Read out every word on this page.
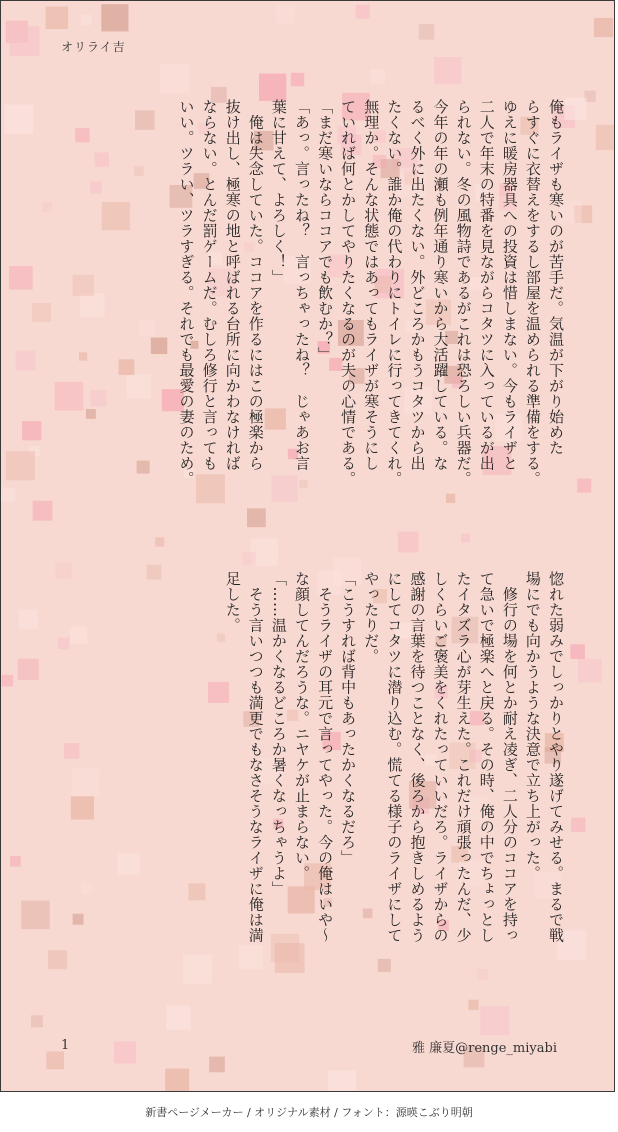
オリライ吉

俺もライザも寒いのが苦手だ。気温が下がり始めた
らすぐに衣替えをするし部屋を温められる準備をする。
ゆえに暖房器具への投資は惜しまない。今もライザと
二人で年末の特番を見ながらコタツに入っているが出
られない。冬の風物詩であるがこれは恐ろしい兵器だ。
今年の年の瀬も例年通り寒いから大活躍している。な
るべく外に出たくない。外どころかもうコタツから出
たくない。誰か俺の代わりにトイレに行ってきてくれ。
無理か。そんな状態ではあってもライザが寒そうにし
ていれば何とかしてやりたくなるのが夫の心情である。
「まだ寒いならココアでも飲むか？」
「あっ。言ったね？　言っちゃったね？　じゃあお言
葉に甘えて、よろしく！」
　俺は失念していた。ココアを作るにはこの極楽から
抜け出し、極寒の地と呼ばれる台所に向かわなければ
ならない。とんだ罰ゲームだ。むしろ修行と言っても
いい。ツラい、ツラすぎる。それでも最愛の妻のため。

惚れた弱みでしっかりとやり遂げてみせる。まるで戦
場にでも向かうような決意で立ち上がった。
　修行の場を何とか耐え凌ぎ、二人分のココアを持っ
て急いで極楽へと戻る。その時、俺の中でちょっとし
たイタズラ心が芽生えた。これだけ頑張ったんだ、少
しくらいご褒美をくれたっていいだろ。ライザからの
感謝の言葉を待つことなく、後ろから抱きしめるよう
にしてコタツに潜り込む。慌てる様子のライザにして
やったりだ。
「こうすれば背中もあったかくなるだろ」
　そうライザの耳元で言ってやった。今の俺はいや〜
な顔してんだろうな。ニヤケが止まらない。
「……温かくなるどころか暑くなっちゃうよ」
　そう言いつつも満更でもなさそうなライザに俺は満
足した。

1	雅 廉夏@renge_miyabi
新書ページメーカー / オリジナル素材 / フォント：源暎こぶり明朝
